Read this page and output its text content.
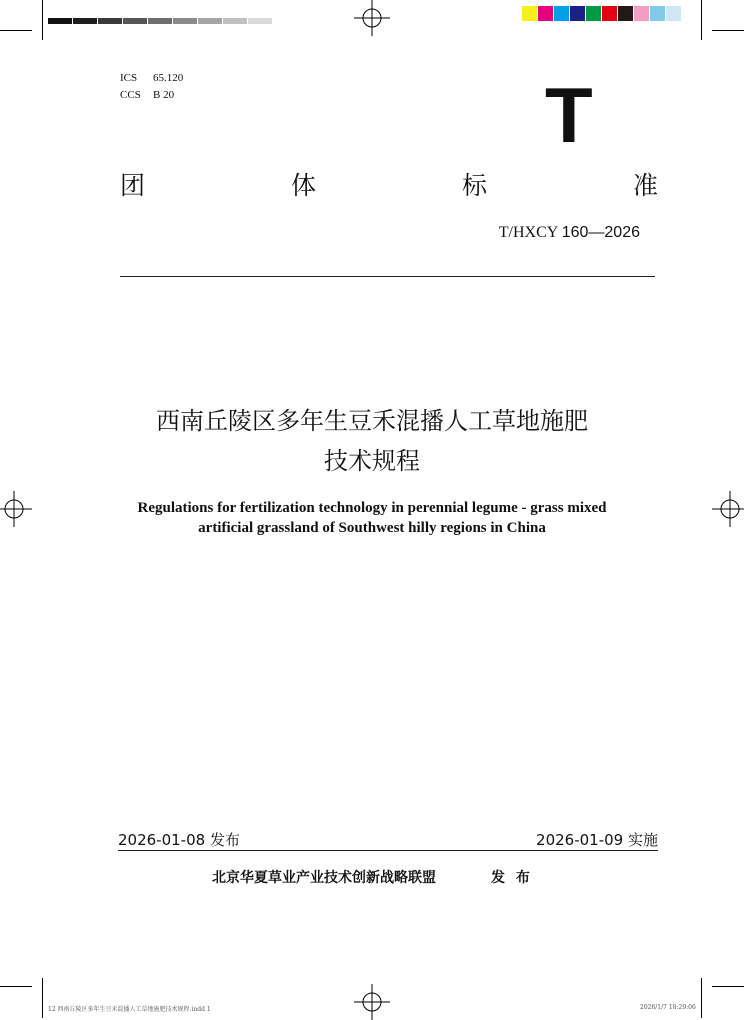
ICS 65.120
CCS B 20	T
团	体	标	准
T/HXCY 160—2026
西南丘陵区多年生豆禾混播人工草地施肥
技术规程
Regulations for fertilization technology in perennial legume - grass mixed
artificial grassland of Southwest hilly regions in China
2026-01-08 发布	2026-01-09 实施
北京华夏草业产业技术创新战略联盟	发 布
12 西南丘陵区多年生豆禾混播人工草地施肥技术规程.indd 1	2026/1/7 18:29:06
